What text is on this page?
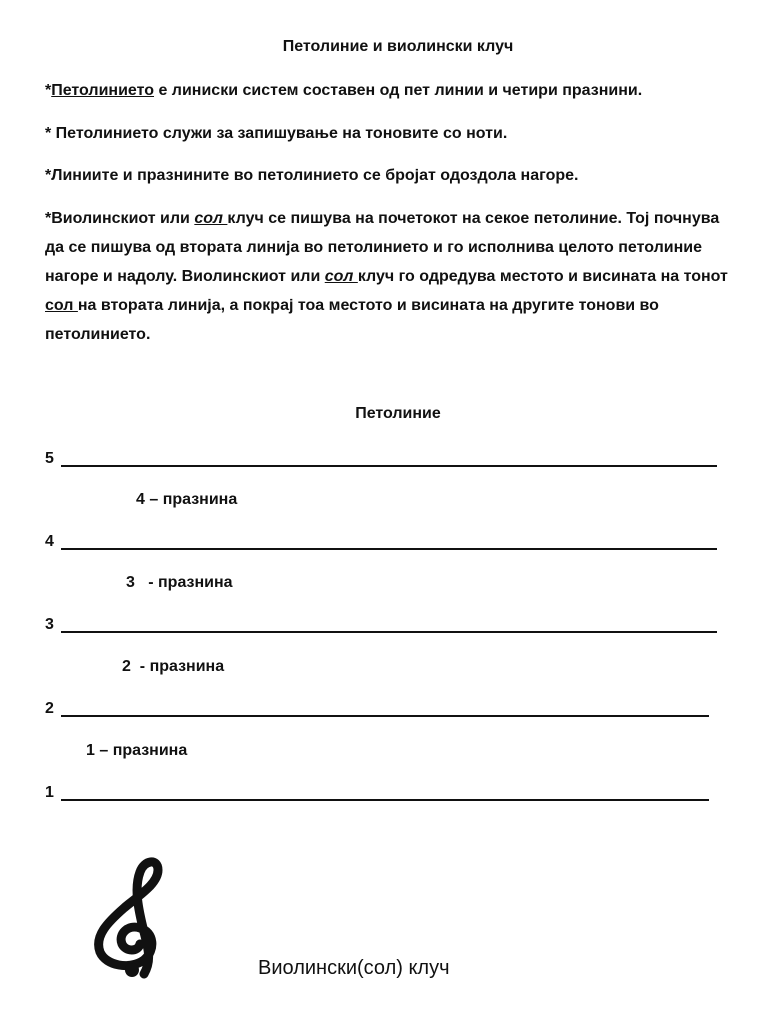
Петолиние и виолински клуч

*Петолинието е линиски систем составен од пет линии и четири празнини.

* Петолинието служи за запишување на тоновите со ноти.

*Линиите и празнините во петолинието се бројат одоздола нагоре.

*Виолинскиот или сол клуч се пишува на почетокот на секое петолиние. Тој почнува да се пишува од втората линија во петолинието и го исполнива целото петолиние нагоре и надолу. Виолинскиот или сол клуч го одредува местото и висината на тонот сол на втората линија, а покрај тоа местото и висината на другите тонови во петолинието.

Петолиние
5
4 – празнина
4
3   - празнина
3
2  - празнина
2
1 – празнина
1
Виолински(сол) клуч
